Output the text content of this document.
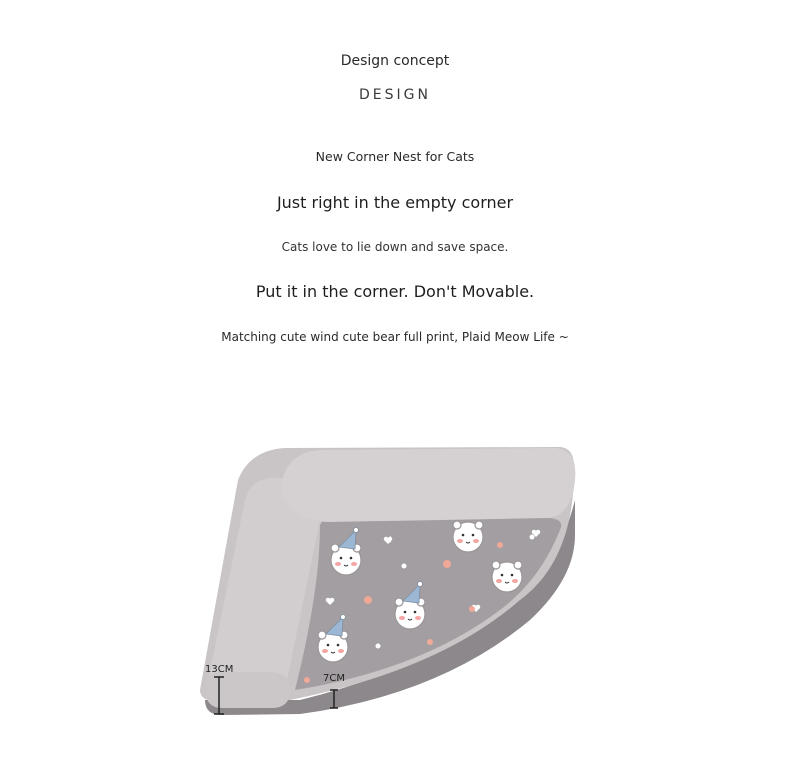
Design concept
DESIGN
New Corner Nest for Cats
Just right in the empty corner
Cats love to lie down and save space.
Put it in the corner. Don't Movable.
Matching cute wind cute bear full print, Plaid Meow Life ~
13CM
7CM
